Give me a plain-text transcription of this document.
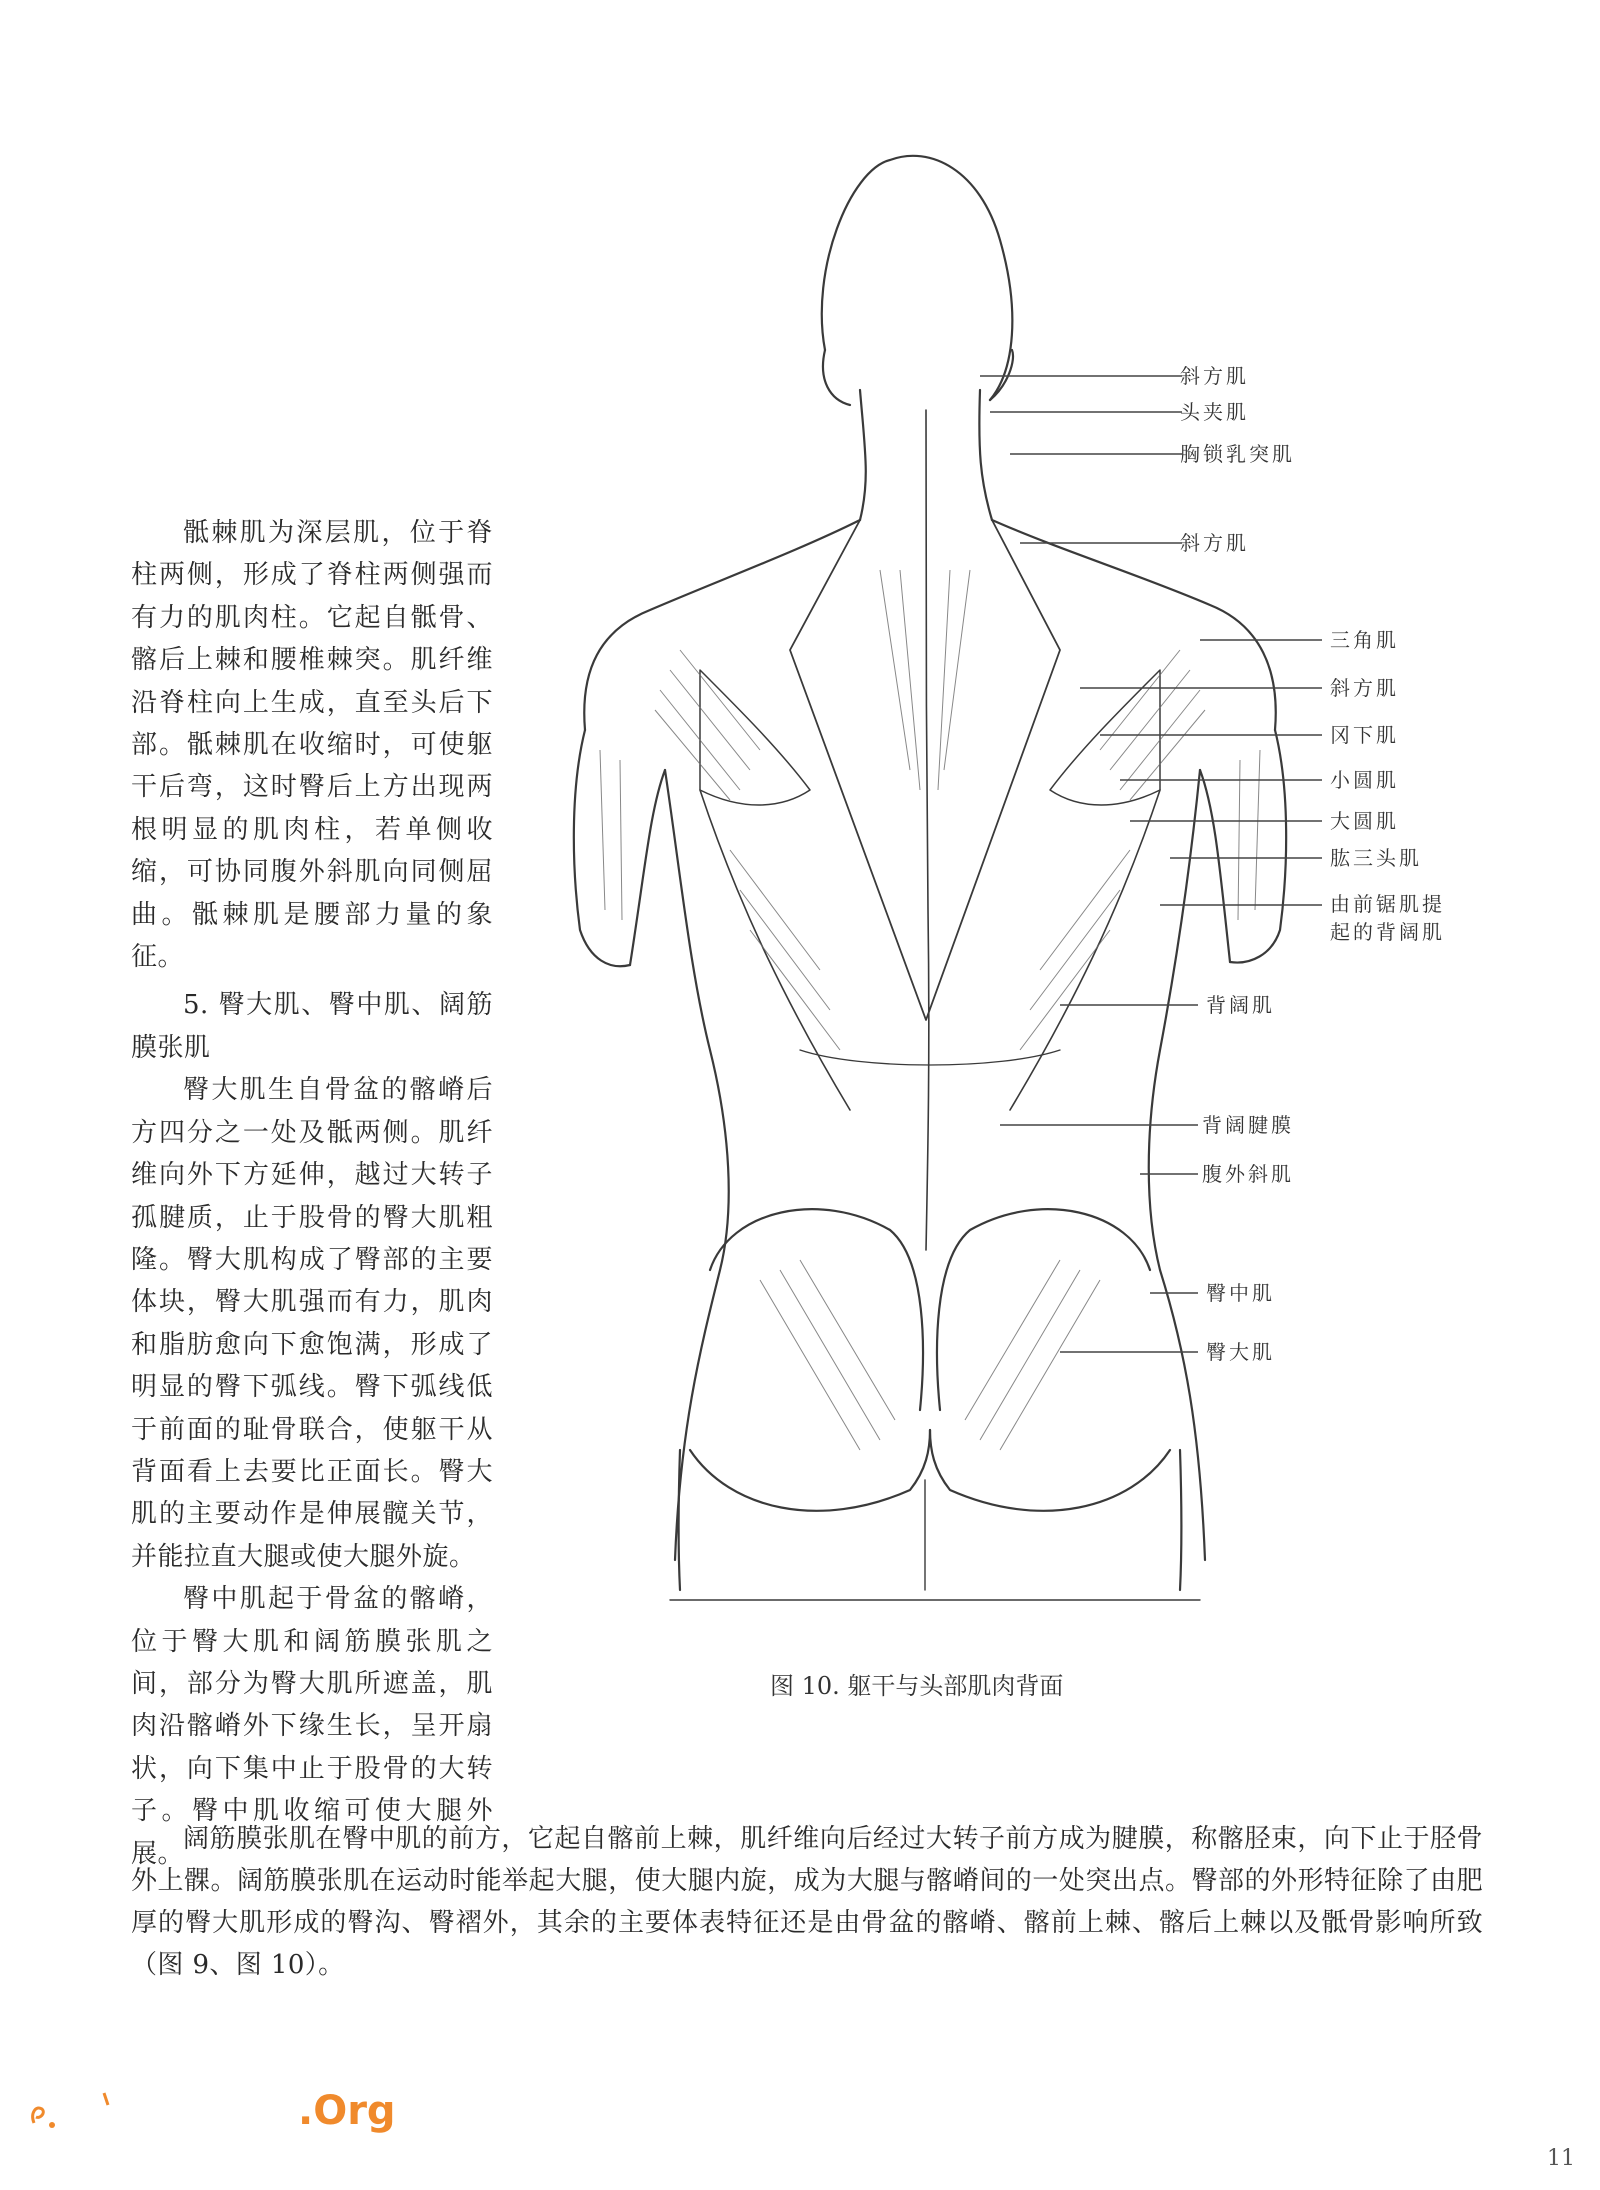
骶棘肌为深层肌，位于脊柱两侧，形成了脊柱两侧强而有力的肌肉柱。它起自骶骨、髂后上棘和腰椎棘突。肌纤维沿脊柱向上生成，直至头后下部。骶棘肌在收缩时，可使躯干后弯，这时臀后上方出现两根明显的肌肉柱，若单侧收缩，可协同腹外斜肌向同侧屈曲。骶棘肌是腰部力量的象征。

5. 臀大肌、臀中肌、阔筋膜张肌

臀大肌生自骨盆的髂嵴后方四分之一处及骶两侧。肌纤维向外下方延伸，越过大转子孤腱质，止于股骨的臀大肌粗隆。臀大肌构成了臀部的主要体块，臀大肌强而有力，肌肉和脂肪愈向下愈饱满，形成了明显的臀下弧线。臀下弧线低于前面的耻骨联合，使躯干从背面看上去要比正面长。臀大肌的主要动作是伸展髋关节，并能拉直大腿或使大腿外旋。

臀中肌起于骨盆的髂嵴，位于臀大肌和阔筋膜张肌之间，部分为臀大肌所遮盖，肌肉沿髂嵴外下缘生长，呈开扇状，向下集中止于股骨的大转子。臀中肌收缩可使大腿外展。

斜方肌
头夹肌
胸锁乳突肌
斜方肌
三角肌
斜方肌
冈下肌
小圆肌
大圆肌
肱三头肌
由前锯肌提
起的背阔肌
背阔肌
背阔腱膜
腹外斜肌
臀中肌
臀大肌
图 10. 躯干与头部肌肉背面

阔筋膜张肌在臀中肌的前方，它起自髂前上棘，肌纤维向后经过大转子前方成为腱膜，称髂胫束，向下止于胫骨外上髁。阔筋膜张肌在运动时能举起大腿，使大腿内旋，成为大腿与髂嵴间的一处突出点。臀部的外形特征除了由肥厚的臀大肌形成的臀沟、臀褶外，其余的主要体表特征还是由骨盆的髂嵴、髂前上棘、髂后上棘以及骶骨影响所致（图 9、图 10）。

.Org
11
